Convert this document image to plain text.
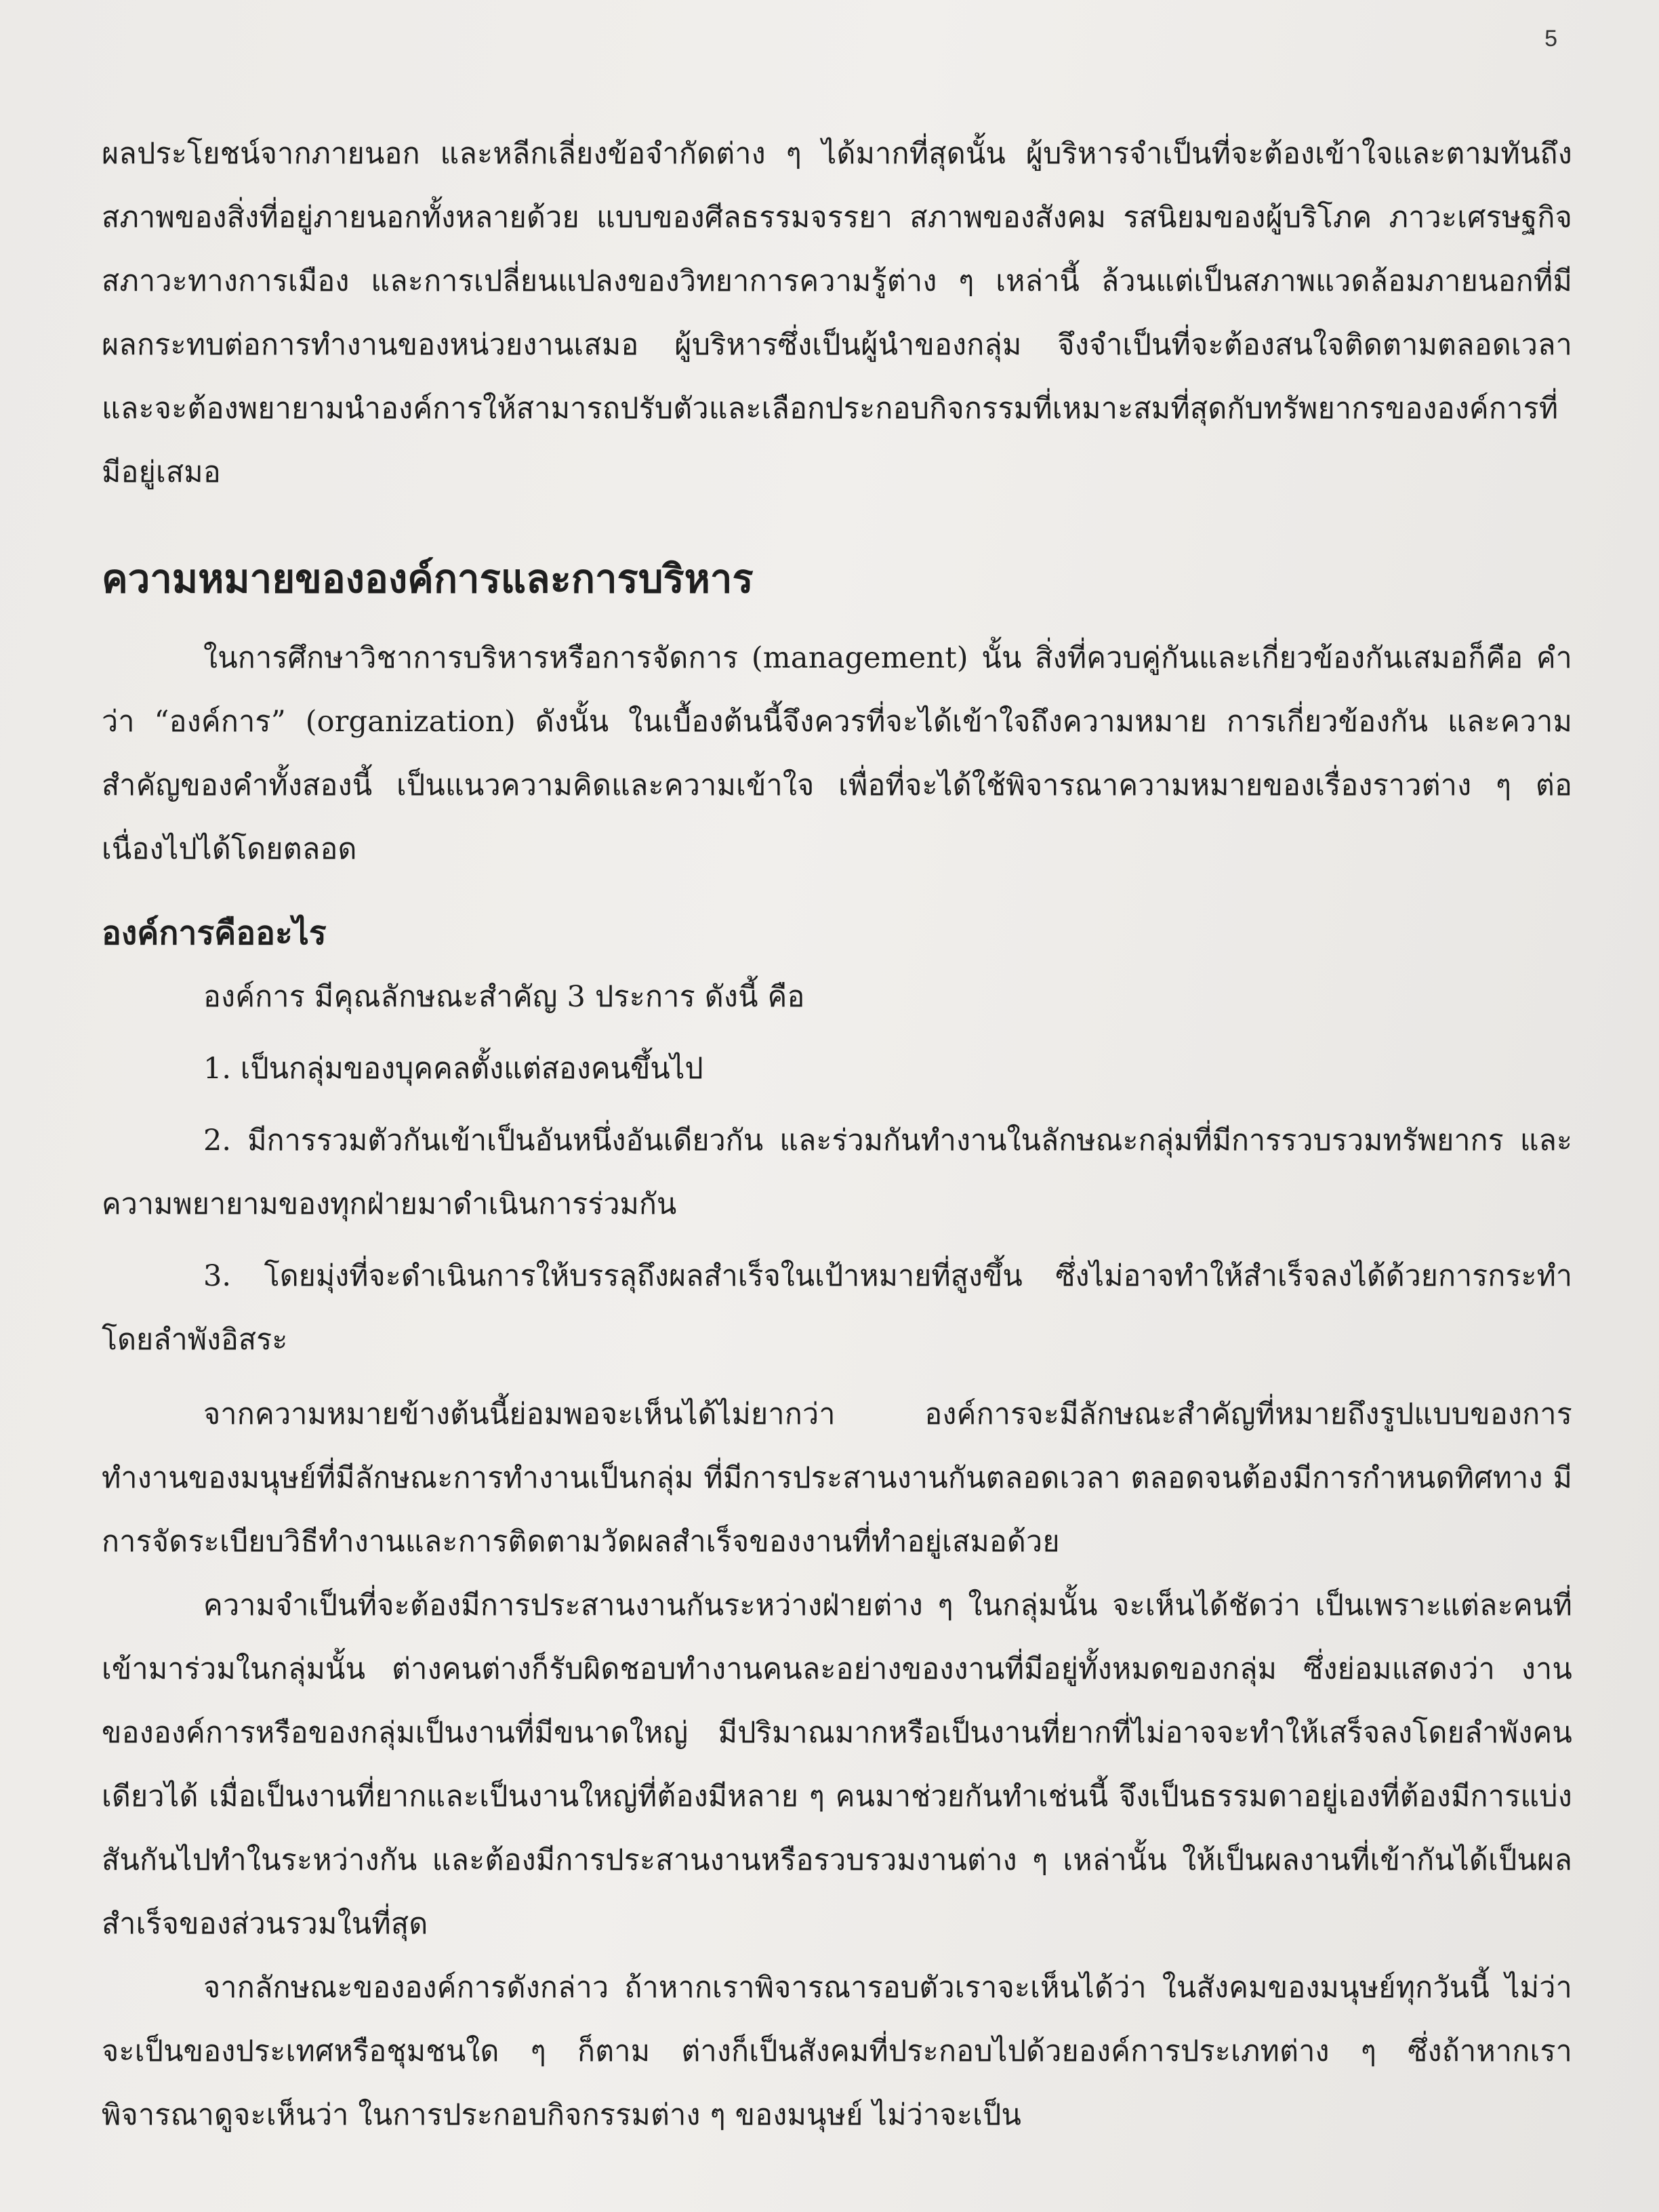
5

ผลประโยชน์จากภายนอก และหลีกเลี่ยงข้อจำกัดต่าง ๆ ได้มากที่สุดนั้น ผู้บริหารจำเป็นที่จะต้องเข้าใจและตามทันถึงสภาพของสิ่งที่อยู่ภายนอกทั้งหลายด้วย แบบของศีลธรรมจรรยา สภาพของสังคม รสนิยมของผู้บริโภค ภาวะเศรษฐกิจ สภาวะทางการเมือง และการเปลี่ยนแปลงของวิทยาการความรู้ต่าง ๆ เหล่านี้ ล้วนแต่เป็นสภาพแวดล้อมภายนอกที่มีผลกระทบต่อการทำงานของหน่วยงานเสมอ ผู้บริหารซึ่งเป็นผู้นำของกลุ่ม จึงจำเป็นที่จะต้องสนใจติดตามตลอดเวลา และจะต้องพยายามนำองค์การให้สามารถปรับตัวและเลือกประกอบกิจกรรมที่เหมาะสมที่สุดกับทรัพยากรขององค์การที่มีอยู่เสมอ

ความหมายขององค์การและการบริหาร

ในการศึกษาวิชาการบริหารหรือการจัดการ (management) นั้น สิ่งที่ควบคู่กันและเกี่ยวข้องกันเสมอก็คือ คำว่า “องค์การ” (organization) ดังนั้น ในเบื้องต้นนี้จึงควรที่จะได้เข้าใจถึงความหมาย การเกี่ยวข้องกัน และความสำคัญของคำทั้งสองนี้ เป็นแนวความคิดและความเข้าใจ เพื่อที่จะได้ใช้พิจารณาความหมายของเรื่องราวต่าง ๆ ต่อเนื่องไปได้โดยตลอด

องค์การคืออะไร

องค์การ มีคุณลักษณะสำคัญ 3 ประการ ดังนี้ คือ

1. เป็นกลุ่มของบุคคลตั้งแต่สองคนขึ้นไป
2. มีการรวมตัวกันเข้าเป็นอันหนึ่งอันเดียวกัน และร่วมกันทำงานในลักษณะกลุ่มที่มีการรวบรวมทรัพยากร และความพยายามของทุกฝ่ายมาดำเนินการร่วมกัน
3. โดยมุ่งที่จะดำเนินการให้บรรลุถึงผลสำเร็จในเป้าหมายที่สูงขึ้น ซึ่งไม่อาจทำให้สำเร็จลงได้ด้วยการกระทำโดยลำพังอิสระ

จากความหมายข้างต้นนี้ย่อมพอจะเห็นได้ไม่ยากว่า องค์การจะมีลักษณะสำคัญที่หมายถึงรูปแบบของการทำงานของมนุษย์ที่มีลักษณะการทำงานเป็นกลุ่ม ที่มีการประสานงานกันตลอดเวลา ตลอดจนต้องมีการกำหนดทิศทาง มีการจัดระเบียบวิธีทำงานและการติดตามวัดผลสำเร็จของงานที่ทำอยู่เสมอด้วย

ความจำเป็นที่จะต้องมีการประสานงานกันระหว่างฝ่ายต่าง ๆ ในกลุ่มนั้น จะเห็นได้ชัดว่า เป็นเพราะแต่ละคนที่เข้ามาร่วมในกลุ่มนั้น ต่างคนต่างก็รับผิดชอบทำงานคนละอย่างของงานที่มีอยู่ทั้งหมดของกลุ่ม ซึ่งย่อมแสดงว่า งานขององค์การหรือของกลุ่มเป็นงานที่มีขนาดใหญ่ มีปริมาณมากหรือเป็นงานที่ยากที่ไม่อาจจะทำให้เสร็จลงโดยลำพังคนเดียวได้ เมื่อเป็นงานที่ยากและเป็นงานใหญ่ที่ต้องมีหลาย ๆ คนมาช่วยกันทำเช่นนี้ จึงเป็นธรรมดาอยู่เองที่ต้องมีการแบ่งสันกันไปทำในระหว่างกัน และต้องมีการประสานงานหรือรวบรวมงานต่าง ๆ เหล่านั้น ให้เป็นผลงานที่เข้ากันได้เป็นผลสำเร็จของส่วนรวมในที่สุด

จากลักษณะขององค์การดังกล่าว ถ้าหากเราพิจารณารอบตัวเราจะเห็นได้ว่า ในสังคมของมนุษย์ทุกวันนี้ ไม่ว่าจะเป็นของประเทศหรือชุมชนใด ๆ ก็ตาม ต่างก็เป็นสังคมที่ประกอบไปด้วยองค์การประเภทต่าง ๆ ซึ่งถ้าหากเราพิจารณาดูจะเห็นว่า ในการประกอบกิจกรรมต่าง ๆ ของมนุษย์ ไม่ว่าจะเป็น
